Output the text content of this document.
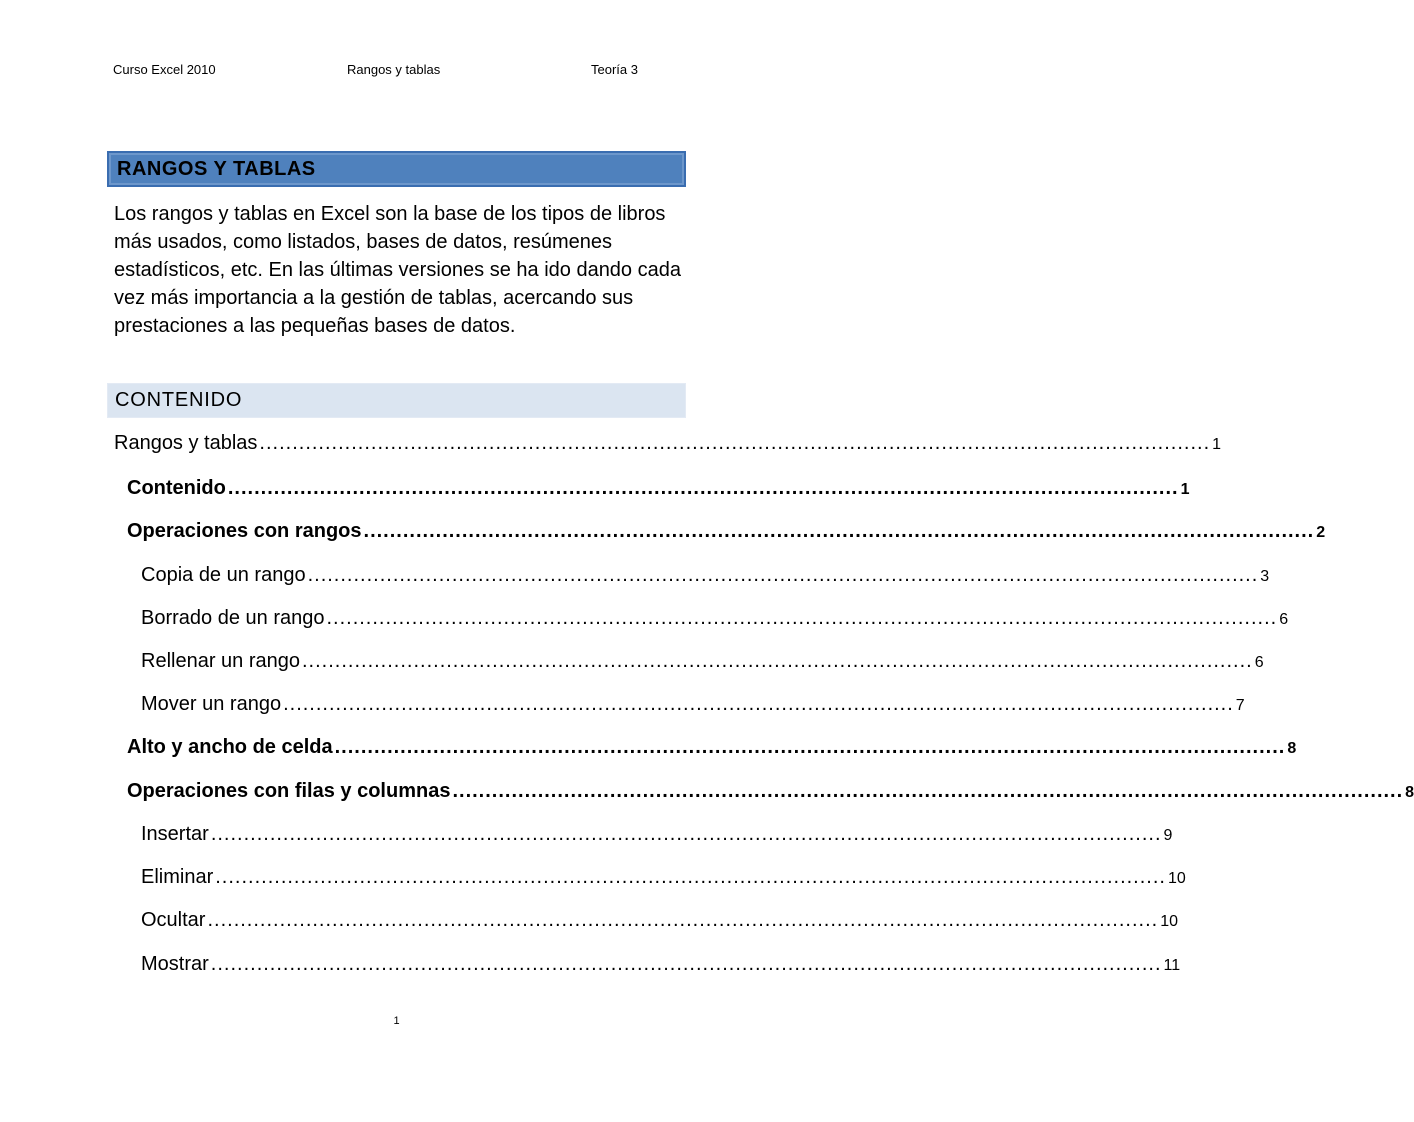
Curso Excel 2010	Rangos y tablas	Teoría 3
RANGOS Y TABLAS

Los rangos y tablas en Excel son la base de los tipos de libros más usados, como listados, bases de datos, resúmenes estadísticos, etc. En las últimas versiones se ha ido dando cada vez más importancia a la gestión de tablas, acercando sus prestaciones a las pequeñas bases de datos.

CONTENIDO
Rangos y tablas ................................................................................................................................................. 1
Contenido ................................................................................................................................................. 1
Operaciones con rangos ................................................................................................................................................. 2
Copia de un rango ................................................................................................................................................. 3
Borrado de un rango ................................................................................................................................................. 6
Rellenar un rango ................................................................................................................................................. 6
Mover un rango ................................................................................................................................................. 7
Alto y ancho de celda ................................................................................................................................................. 8
Operaciones con filas y columnas ................................................................................................................................................. 8
Insertar ................................................................................................................................................. 9
Eliminar ................................................................................................................................................. 10
Ocultar ................................................................................................................................................. 10
Mostrar ................................................................................................................................................. 11
1
